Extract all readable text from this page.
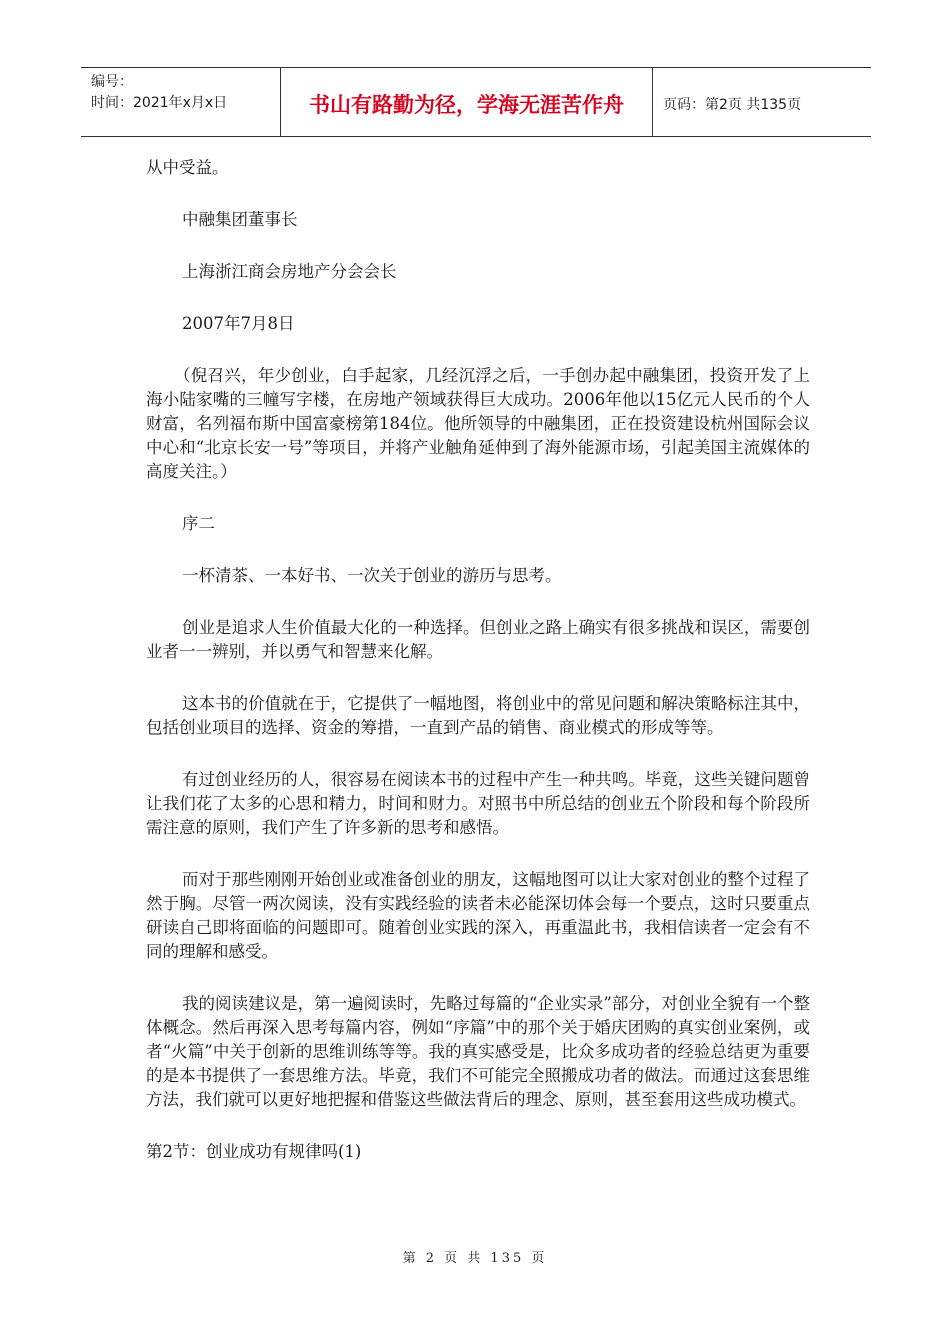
编号：
时间：2021年x月x日	书山有路勤为径，学海无涯苦作舟	页码：第2页 共135页

从中受益。

中融集团董事长

上海浙江商会房地产分会会长

2007年7月8日

（倪召兴，年少创业，白手起家，几经沉浮之后，一手创办起中融集团，投资开发了上海小陆家嘴的三幢写字楼，在房地产领域获得巨大成功。2006年他以15亿元人民币的个人财富，名列福布斯中国富豪榜第184位。他所领导的中融集团，正在投资建设杭州国际会议中心和“北京长安一号”等项目，并将产业触角延伸到了海外能源市场，引起美国主流媒体的高度关注。）

序二

一杯清茶、一本好书、一次关于创业的游历与思考。

创业是追求人生价值最大化的一种选择。但创业之路上确实有很多挑战和误区，需要创业者一一辨别，并以勇气和智慧来化解。

这本书的价值就在于，它提供了一幅地图，将创业中的常见问题和解决策略标注其中，包括创业项目的选择、资金的筹措，一直到产品的销售、商业模式的形成等等。

有过创业经历的人，很容易在阅读本书的过程中产生一种共鸣。毕竟，这些关键问题曾让我们花了太多的心思和精力，时间和财力。对照书中所总结的创业五个阶段和每个阶段所需注意的原则，我们产生了许多新的思考和感悟。

而对于那些刚刚开始创业或准备创业的朋友，这幅地图可以让大家对创业的整个过程了然于胸。尽管一两次阅读，没有实践经验的读者未必能深切体会每一个要点，这时只要重点研读自己即将面临的问题即可。随着创业实践的深入，再重温此书，我相信读者一定会有不同的理解和感受。

我的阅读建议是，第一遍阅读时，先略过每篇的“企业实录”部分，对创业全貌有一个整体概念。然后再深入思考每篇内容，例如“序篇”中的那个关于婚庆团购的真实创业案例，或者“火篇”中关于创新的思维训练等等。我的真实感受是，比众多成功者的经验总结更为重要的是本书提供了一套思维方法。毕竟，我们不可能完全照搬成功者的做法。而通过这套思维方法，我们就可以更好地把握和借鉴这些做法背后的理念、原则，甚至套用这些成功模式。

第2节：创业成功有规律吗(1)

第 2 页 共 135 页
